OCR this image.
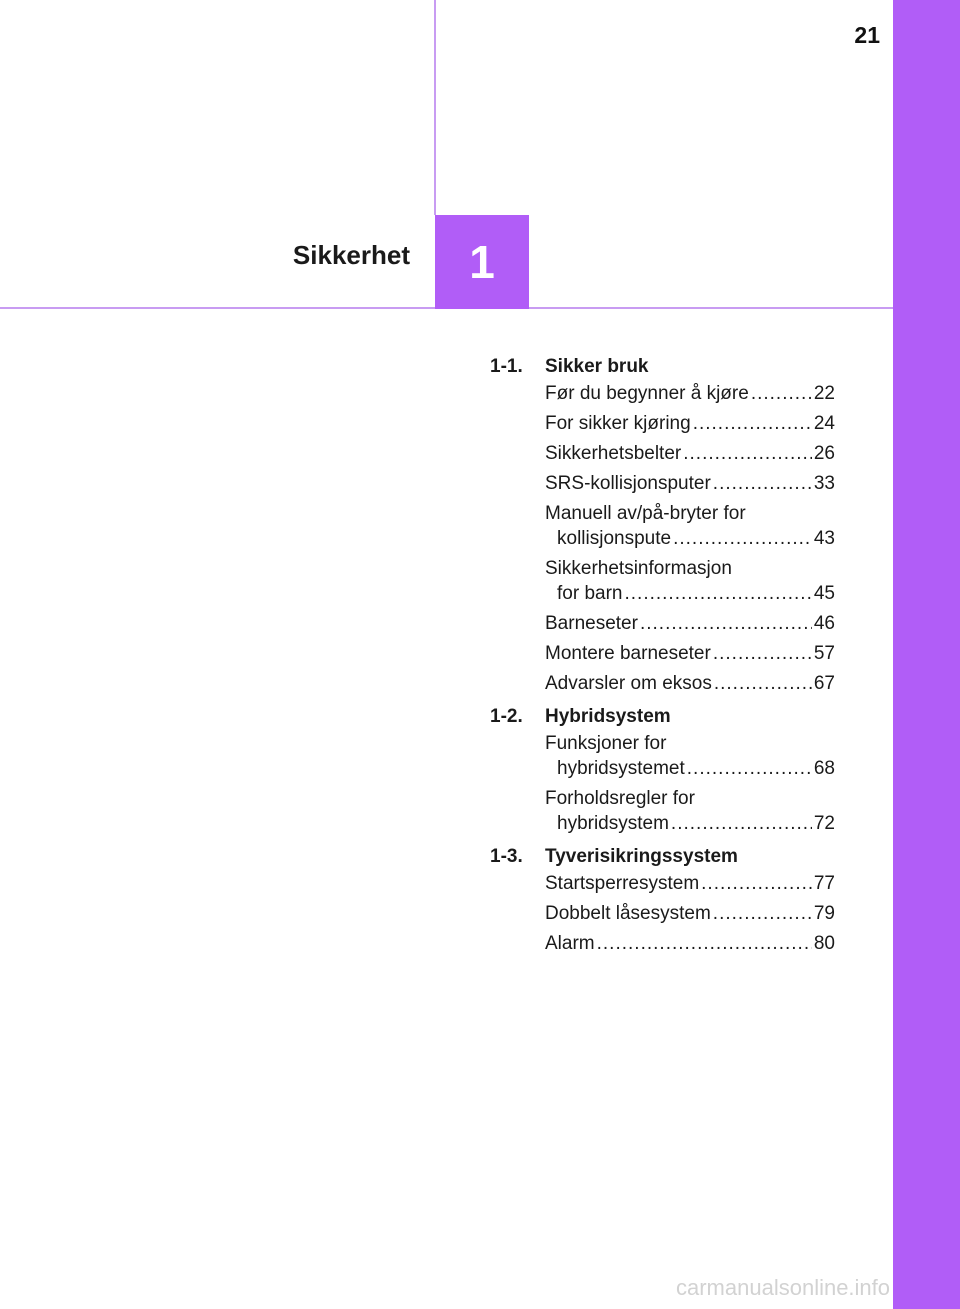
21
Sikkerhet 1
1-1.	Sikker bruk
Før du begynner å kjøre .....	22
For sikker kjøring .....	24
Sikkerhetsbelter .....	26
SRS-kollisjonsputer .....	33
Manuell av/på-bryter for
kollisjonspute .....	43
Sikkerhetsinformasjon
for barn .....	45
Barneseter .....	46
Montere barneseter .....	57
Advarsler om eksos .....	67
1-2.	Hybridsystem
Funksjoner for
hybridsystemet .....	68
Forholdsregler for
hybridsystem .....	72
1-3.	Tyverisikringssystem
Startsperresystem .....	77
Dobbelt låsesystem .....	79
Alarm .....	80
carmanualsonline.info
